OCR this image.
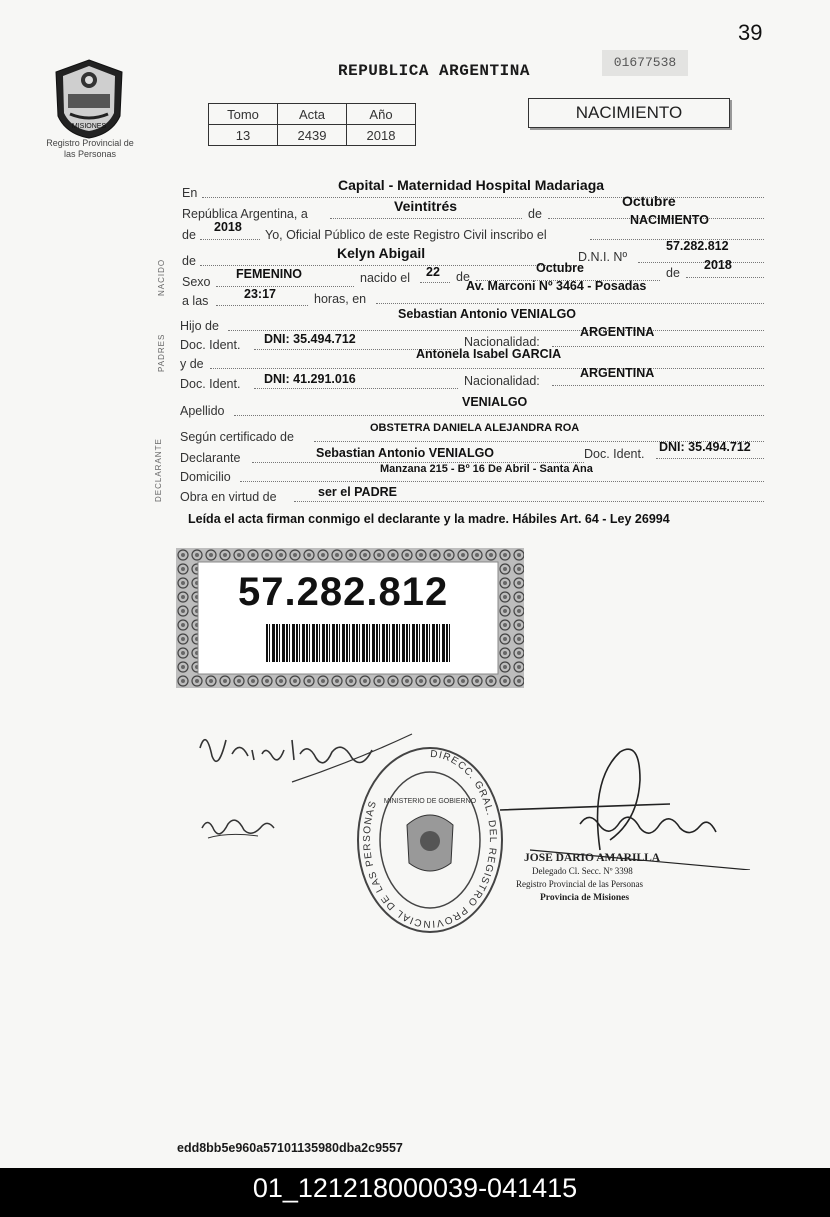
39
MISIONES
Registro Provincial de las Personas
REPUBLICA ARGENTINA	01677538
Tomo	Acta	Año
13	2439	2018
NACIMIENTO
NACIDO
PADRES
DECLARANTE
En	Capital - Maternidad Hospital Madariaga
República Argentina, a	Veintitrés	de
Octubre
de
2018
Yo, Oficial Público de este Registro Civil inscribo el
NACIMIENTO
de	Kelyn Abigail	D.N.I. Nº
57.282.812
Sexo
FEMENINO	nacido el 22 de
Octubre	de
2018
a las	23:17	horas, en
Av. Marconi Nº 3464 - Posadas
Hijo de
Sebastian Antonio VENIALGO
Doc. Ident. DNI: 35.494.712	Nacionalidad:
ARGENTINA
y de
Antonela Isabel GARCIA
Doc. Ident. DNI: 41.291.016	Nacionalidad:
ARGENTINA
Apellido
VENIALGO
Según certificado de
OBSTETRA DANIELA ALEJANDRA ROA
Declarante	Sebastian Antonio VENIALGO	Doc. Ident. DNI: 35.494.712
Domicilio
Manzana 215 - Bº 16 De Abril - Santa Ana
Obra en virtud de	ser el PADRE
Leída el acta firman conmigo el declarante y la madre. Hábiles Art. 64 - Ley 26994
57.282.812
DIRECC. GRAL. DEL REGISTRO PROVINCIAL DE LAS PERSONAS MINISTERIO DE GOBIERNO
JOSE DARIO AMARILLA
Delegado Cl. Secc. Nº 3398
Registro Provincial de las Personas
Provincia de Misiones
edd8bb5e960a57101135980dba2c9557
01_121218000039-041415
